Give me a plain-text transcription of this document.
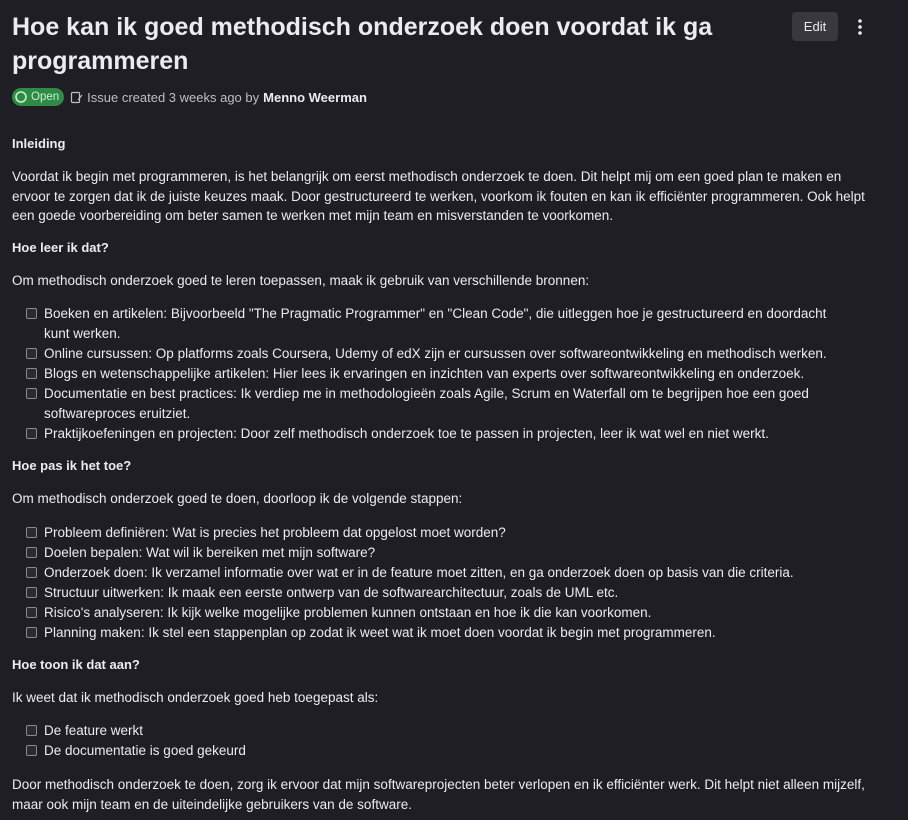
Hoe kan ik goed methodisch onderzoek doen voordat ik ga programmeren
Edit
Open Issue created 3 weeks ago by Menno Weerman
Inleiding

Voordat ik begin met programmeren, is het belangrijk om eerst methodisch onderzoek te doen. Dit helpt mij om een goed plan te maken en ervoor te zorgen dat ik de juiste keuzes maak. Door gestructureerd te werken, voorkom ik fouten en kan ik efficiënter programmeren. Ook helpt een goede voorbereiding om beter samen te werken met mijn team en misverstanden te voorkomen.

Hoe leer ik dat?

Om methodisch onderzoek goed te leren toepassen, maak ik gebruik van verschillende bronnen:

Boeken en artikelen: Bijvoorbeeld "The Pragmatic Programmer" en "Clean Code", die uitleggen hoe je gestructureerd en doordacht kunt werken.
Online cursussen: Op platforms zoals Coursera, Udemy of edX zijn er cursussen over softwareontwikkeling en methodisch werken.
Blogs en wetenschappelijke artikelen: Hier lees ik ervaringen en inzichten van experts over softwareontwikkeling en onderzoek.
Documentatie en best practices: Ik verdiep me in methodologieën zoals Agile, Scrum en Waterfall om te begrijpen hoe een goed softwareproces eruitziet.
Praktijkoefeningen en projecten: Door zelf methodisch onderzoek toe te passen in projecten, leer ik wat wel en niet werkt.
Hoe pas ik het toe?

Om methodisch onderzoek goed te doen, doorloop ik de volgende stappen:

Probleem definiëren: Wat is precies het probleem dat opgelost moet worden?
Doelen bepalen: Wat wil ik bereiken met mijn software?
Onderzoek doen: Ik verzamel informatie over wat er in de feature moet zitten, en ga onderzoek doen op basis van die criteria.
Structuur uitwerken: Ik maak een eerste ontwerp van de softwarearchitectuur, zoals de UML etc.
Risico's analyseren: Ik kijk welke mogelijke problemen kunnen ontstaan en hoe ik die kan voorkomen.
Planning maken: Ik stel een stappenplan op zodat ik weet wat ik moet doen voordat ik begin met programmeren.
Hoe toon ik dat aan?

Ik weet dat ik methodisch onderzoek goed heb toegepast als:

De feature werkt
De documentatie is goed gekeurd

Door methodisch onderzoek te doen, zorg ik ervoor dat mijn softwareprojecten beter verlopen en ik efficiënter werk. Dit helpt niet alleen mijzelf, maar ook mijn team en de uiteindelijke gebruikers van de software.
